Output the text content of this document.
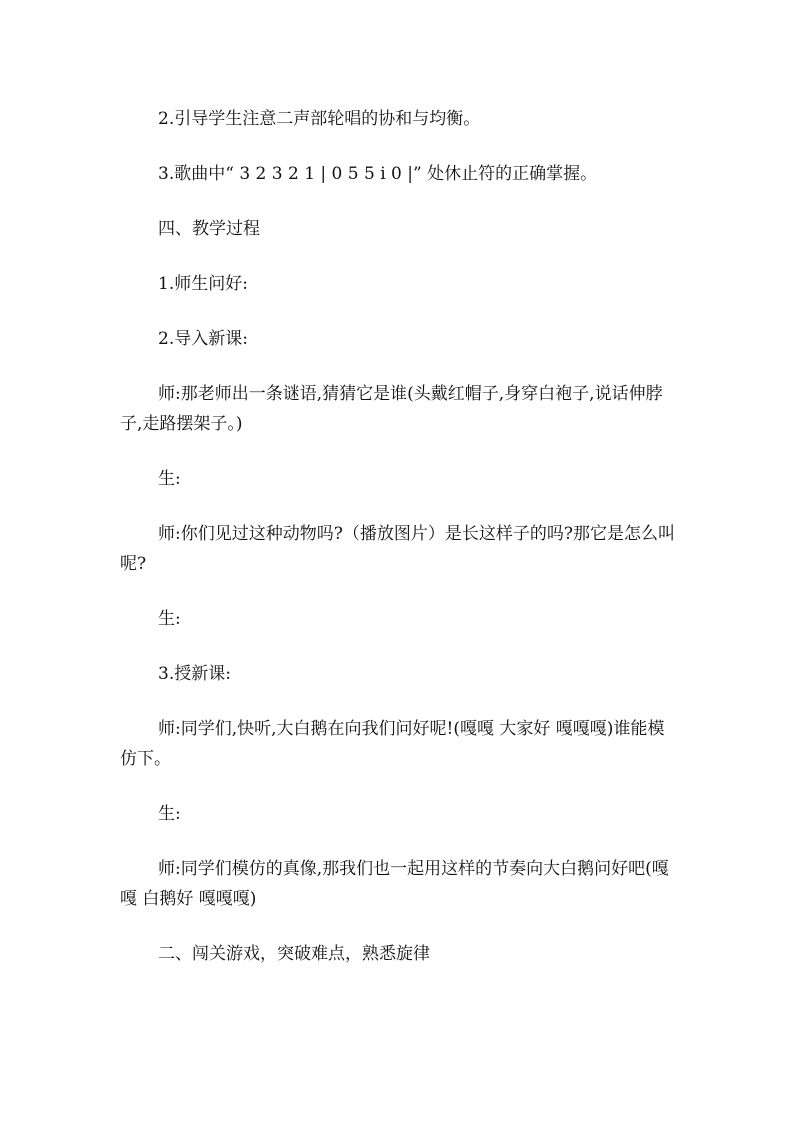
2.引导学生注意二声部轮唱的协和与均衡。

3.歌曲中“ 3 2 3 2 1 | 0 5 5 i 0 |” 处休止符的正确掌握。

四、教学过程

1.师生问好:

2.导入新课:

师:那老师出一条谜语,猜猜它是谁(头戴红帽子,身穿白袍子,说话伸脖子,走路摆架子。)

生:

师:你们见过这种动物吗?（播放图片）是长这样子的吗?那它是怎么叫呢?

生:

3.授新课:

师:同学们,快听,大白鹅在向我们问好呢!(嘎嘎 大家好 嘎嘎嘎)谁能模仿下。

生:

师:同学们模仿的真像,那我们也一起用这样的节奏向大白鹅问好吧(嘎嘎 白鹅好 嘎嘎嘎)

二、闯关游戏，突破难点，熟悉旋律
